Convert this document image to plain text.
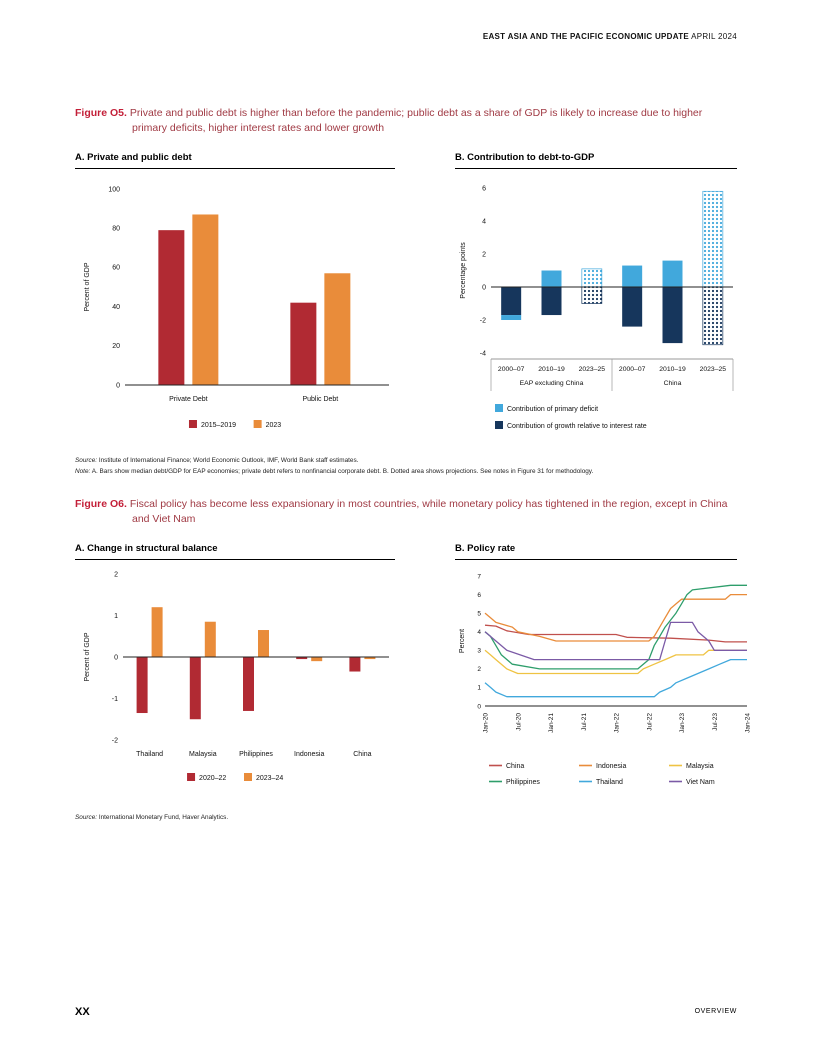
EAST ASIA AND THE PACIFIC ECONOMIC UPDATE APRIL 2024

Figure O5. Private and public debt is higher than before the pandemic; public debt as a share of GDP is likely to increase due to higher primary deficits, higher interest rates and lower growth

A. Private and public debt
0
20
40
60
80
100
Private Debt	Public Debt
Percent of GDP
2015–2019	2023
B. Contribution to debt-to-GDP
-4
-2
0
2
4
6
2000–07 2010–19 2023–25 2000–07 2010–19 2023–25
EAP excluding China	China
Percentage points
Contribution of primary deficit
Contribution of growth relative to interest rate

Source: Institute of International Finance; World Economic Outlook, IMF, World Bank staff estimates.
Note: A. Bars show median debt/GDP for EAP economies; private debt refers to nonfinancial corporate debt. B. Dotted area shows projections. See notes in Figure 31 for methodology.

Figure O6. Fiscal policy has become less expansionary in most countries, while monetary policy has tightened in the region, except in China and Viet Nam

A. Change in structural balance
-2
-1
0
1
2
Thailand	Malaysia	Philippines	Indonesia	China
Percent of GDP
2020–22	2023–24
B. Policy rate
0
1
2
3
4
5
6
7
Jan-20	Jul-20	Jan-21	Jul-21	Jan-22	Jul-22	Jan-23	Jul-23	Jan-24
Percent
China	Indonesia	Malaysia
Philippines	Thailand	Viet Nam

Source: International Monetary Fund, Haver Analytics.

XX	OVERVIEW
